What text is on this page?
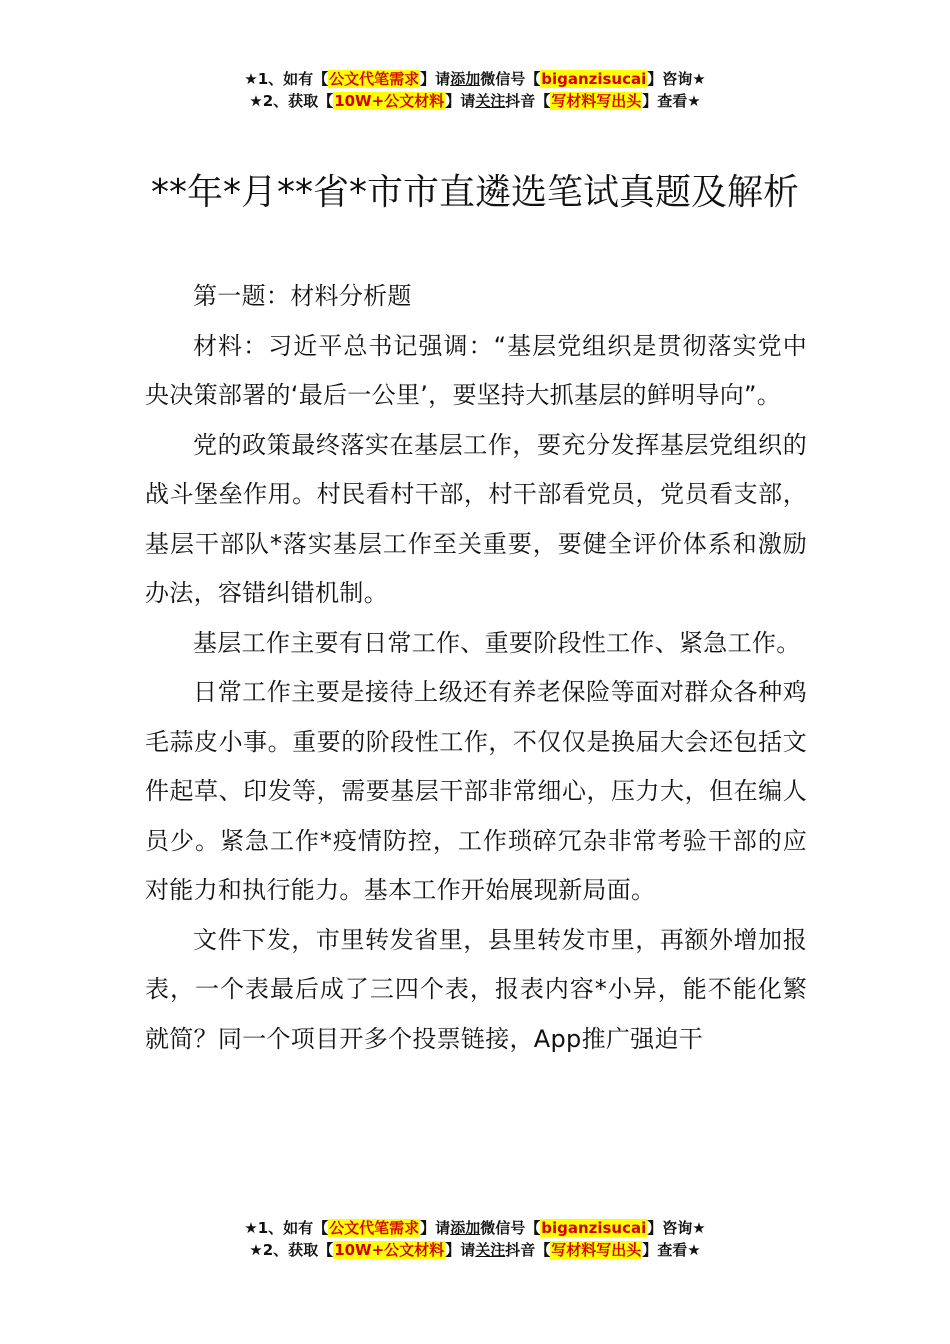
★1、如有【公文代笔需求】请添加微信号【biganzisucai】咨询★
★2、获取【10W+公文材料】请关注抖音【写材料写出头】查看★
**年*月**省*市市直遴选笔试真题及解析

第一题：材料分析题

材料：习近平总书记强调：“基层党组织是贯彻落实党中央决策部署的‘最后一公里’，要坚持大抓基层的鲜明导向”。

党的政策最终落实在基层工作，要充分发挥基层党组织的战斗堡垒作用。村民看村干部，村干部看党员，党员看支部，基层干部队*落实基层工作至关重要，要健全评价体系和激励办法，容错纠错机制。

基层工作主要有日常工作、重要阶段性工作、紧急工作。

日常工作主要是接待上级还有养老保险等面对群众各种鸡毛蒜皮小事。重要的阶段性工作，不仅仅是换届大会还包括文件起草、印发等，需要基层干部非常细心，压力大，但在编人员少。紧急工作*疫情防控，工作琐碎冗杂非常考验干部的应对能力和执行能力。基本工作开始展现新局面。

文件下发，市里转发省里，县里转发市里，再额外增加报表，一个表最后成了三四个表，报表内容*小异，能不能化繁就简？同一个项目开多个投票链接，App推广强迫干

★1、如有【公文代笔需求】请添加微信号【biganzisucai】咨询★
★2、获取【10W+公文材料】请关注抖音【写材料写出头】查看★
